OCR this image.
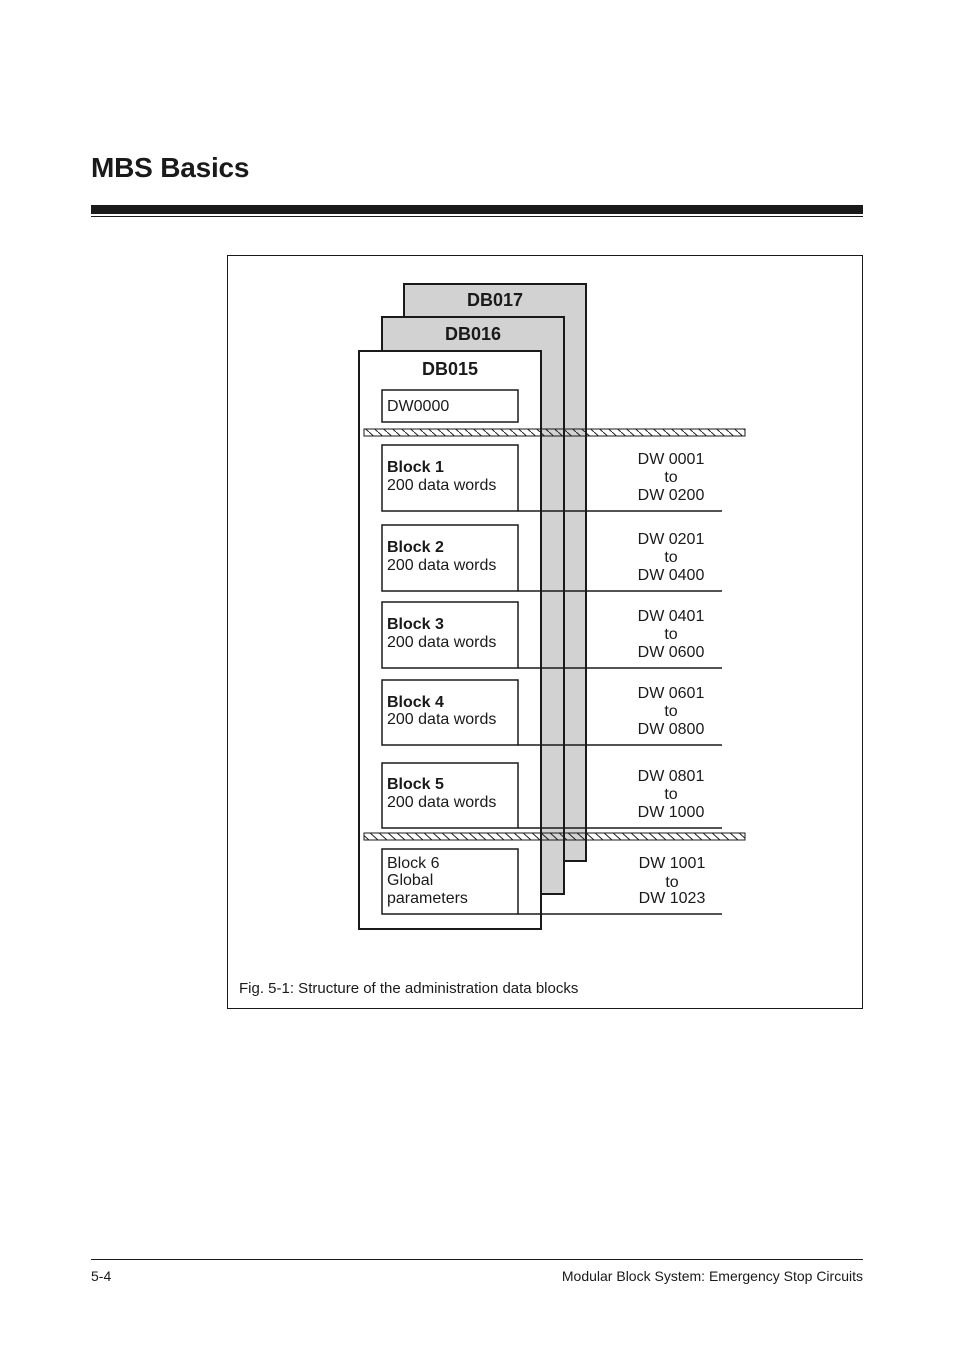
MBS Basics
DB017
DB016
DB015
DW0000
Block 1
200 data words
DW 0001
to
DW 0200
Block 2
200 data words
DW 0201
to
DW 0400
Block 3
200 data words
DW 0401
to
DW 0600
Block 4
200 data words
DW 0601
to
DW 0800
Block 5
200 data words
DW 0801
to
DW 1000
Block 6
Global
parameters
DW 1001
to
DW 1023
Fig. 5-1: Structure of the administration data blocks
5-4	Modular Block System: Emergency Stop Circuits
